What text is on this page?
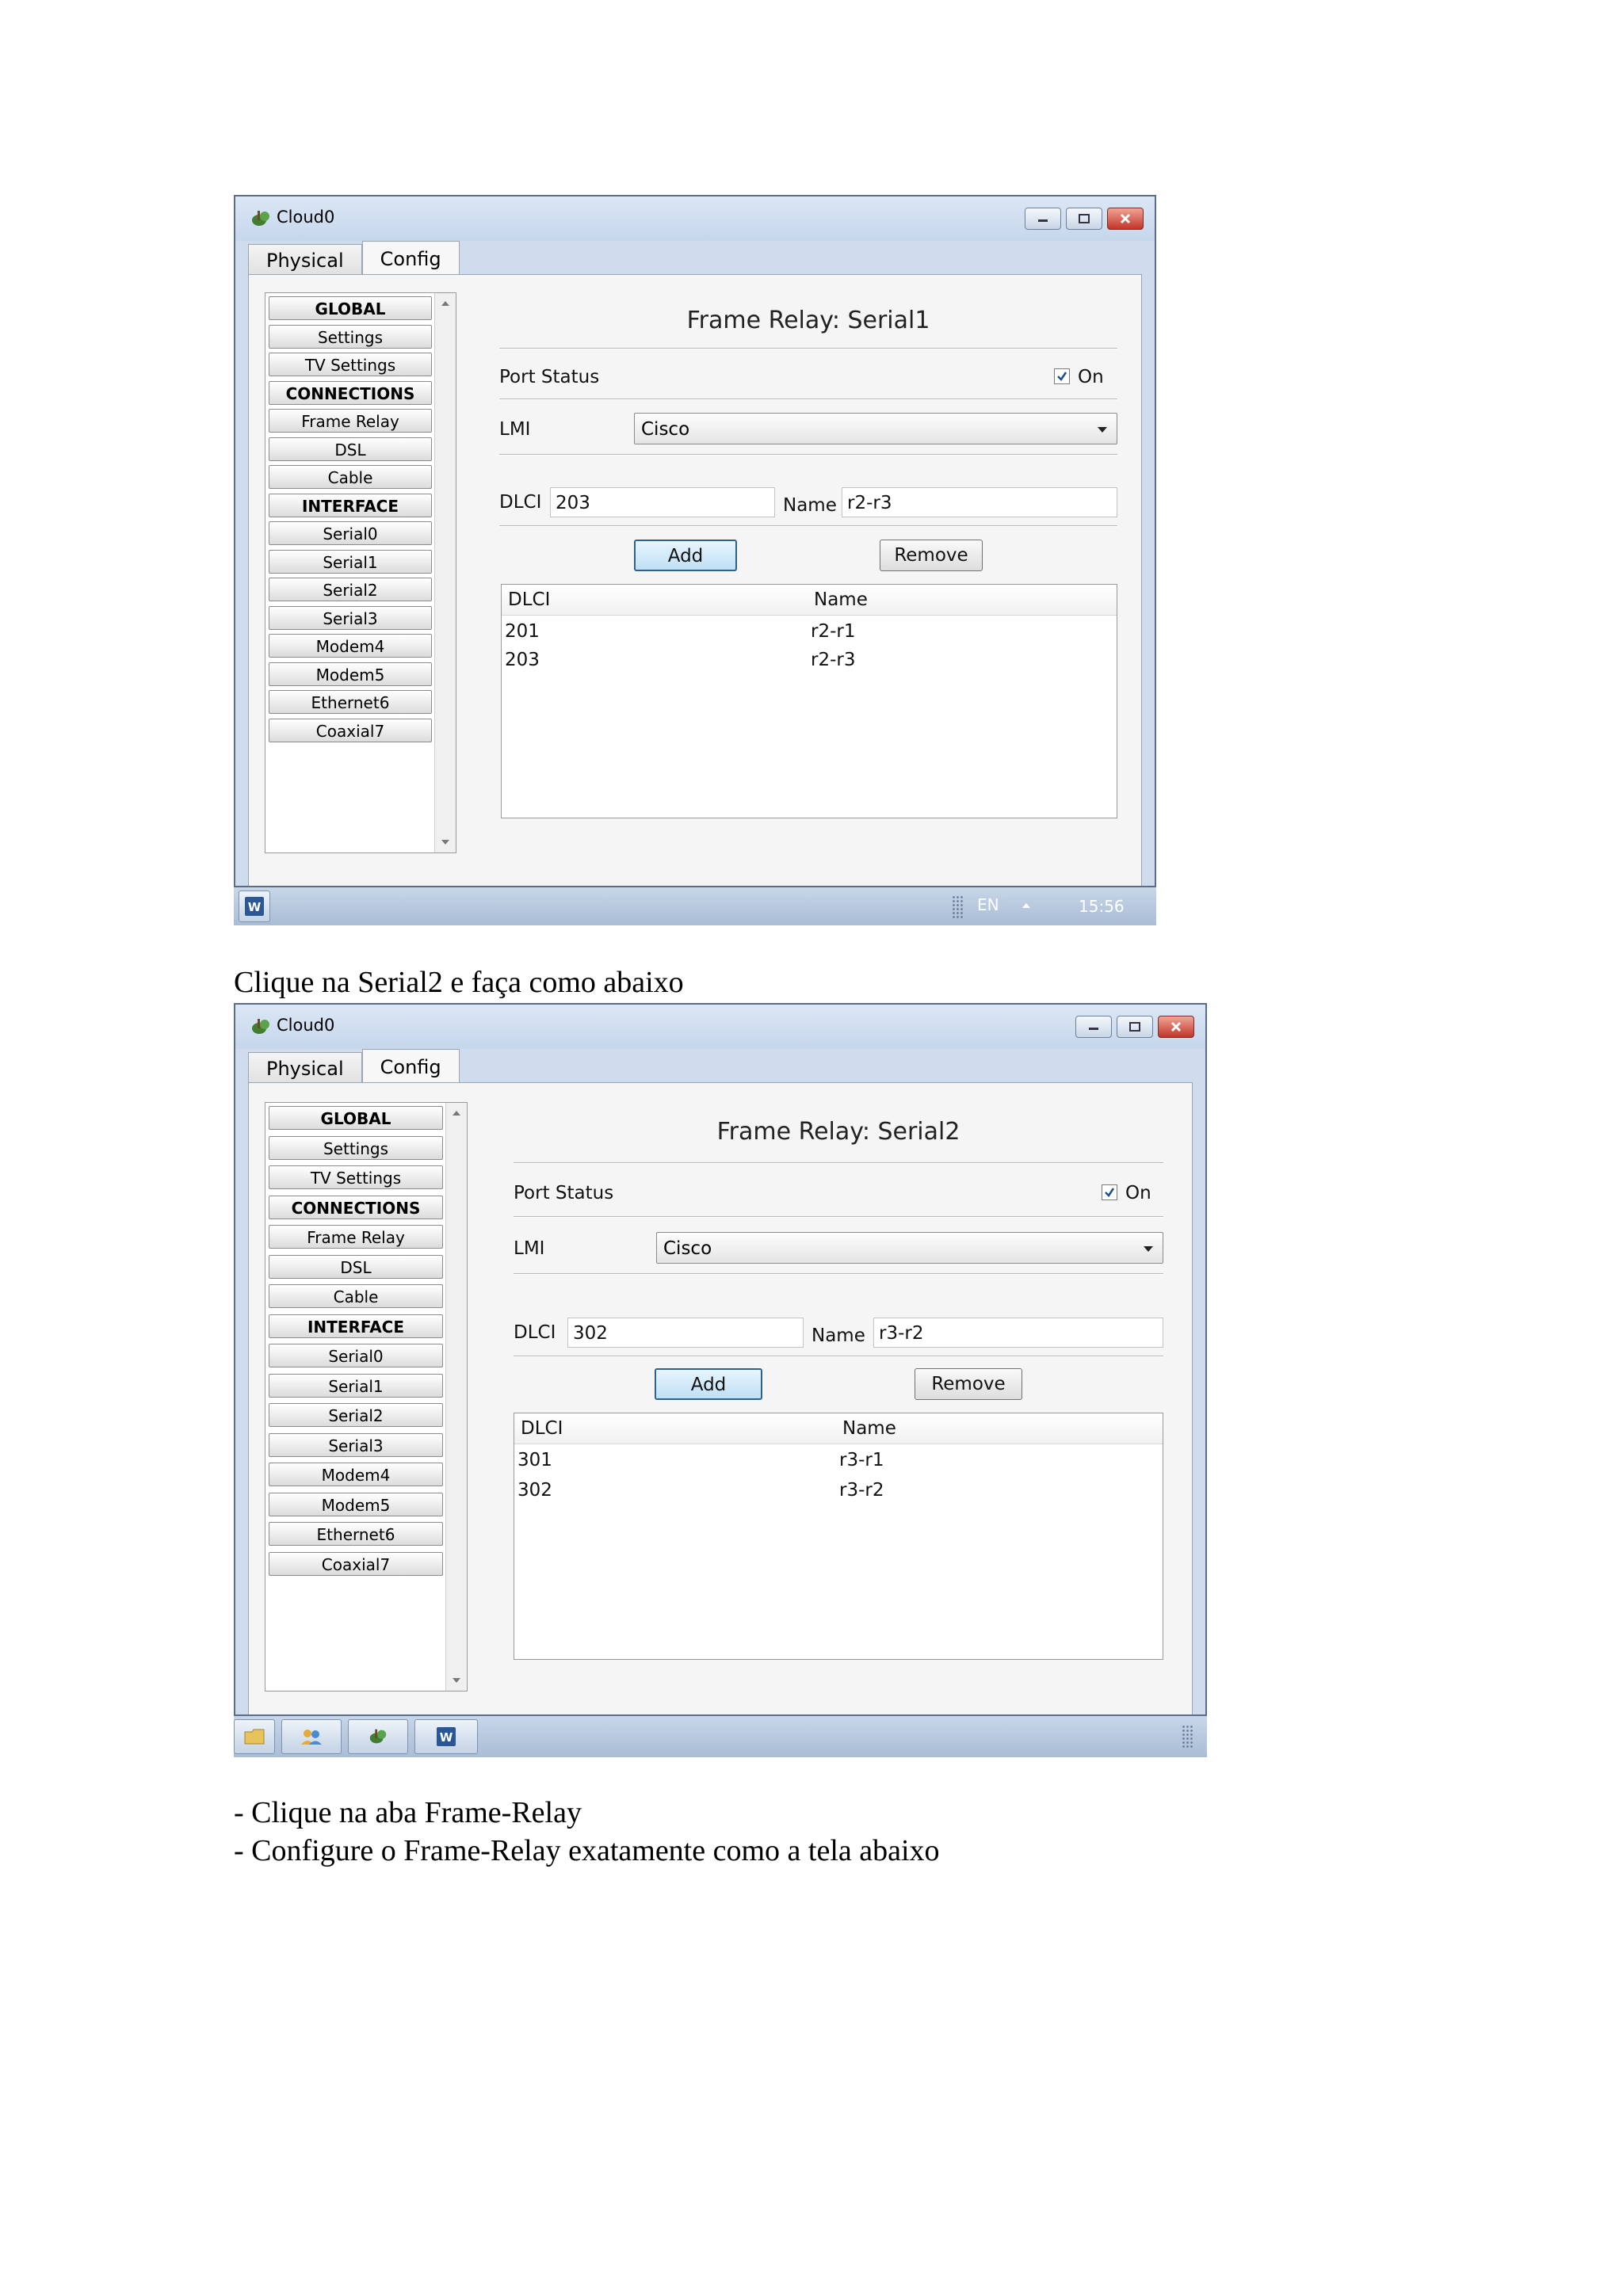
Cloud0
Physical	Config
GLOBAL
Settings
TV Settings
CONNECTIONS
Frame Relay
DSL
Cable
INTERFACE
Serial0
Serial1
Serial2
Serial3
Modem4
Modem5
Ethernet6
Coaxial7
Frame Relay: Serial1
Port Status	On
LMI	Cisco
DLCI 203	Name r2-r3
Add	Remove
DLCI	Name
201	r2-r1
203	r2-r3
W	EN	15:56
Clique na Serial2 e faça como abaixo
Cloud0
Physical	Config
GLOBAL
Settings
TV Settings
CONNECTIONS
Frame Relay
DSL
Cable
INTERFACE
Serial0
Serial1
Serial2
Serial3
Modem4
Modem5
Ethernet6
Coaxial7
Frame Relay: Serial2
Port Status	On
LMI	Cisco
DLCI 302	Name r3-r2
Add	Remove
DLCI	Name
301	r3-r1
302	r3-r2
W
- Clique na aba Frame-Relay
- Configure o Frame-Relay exatamente como a tela abaixo
